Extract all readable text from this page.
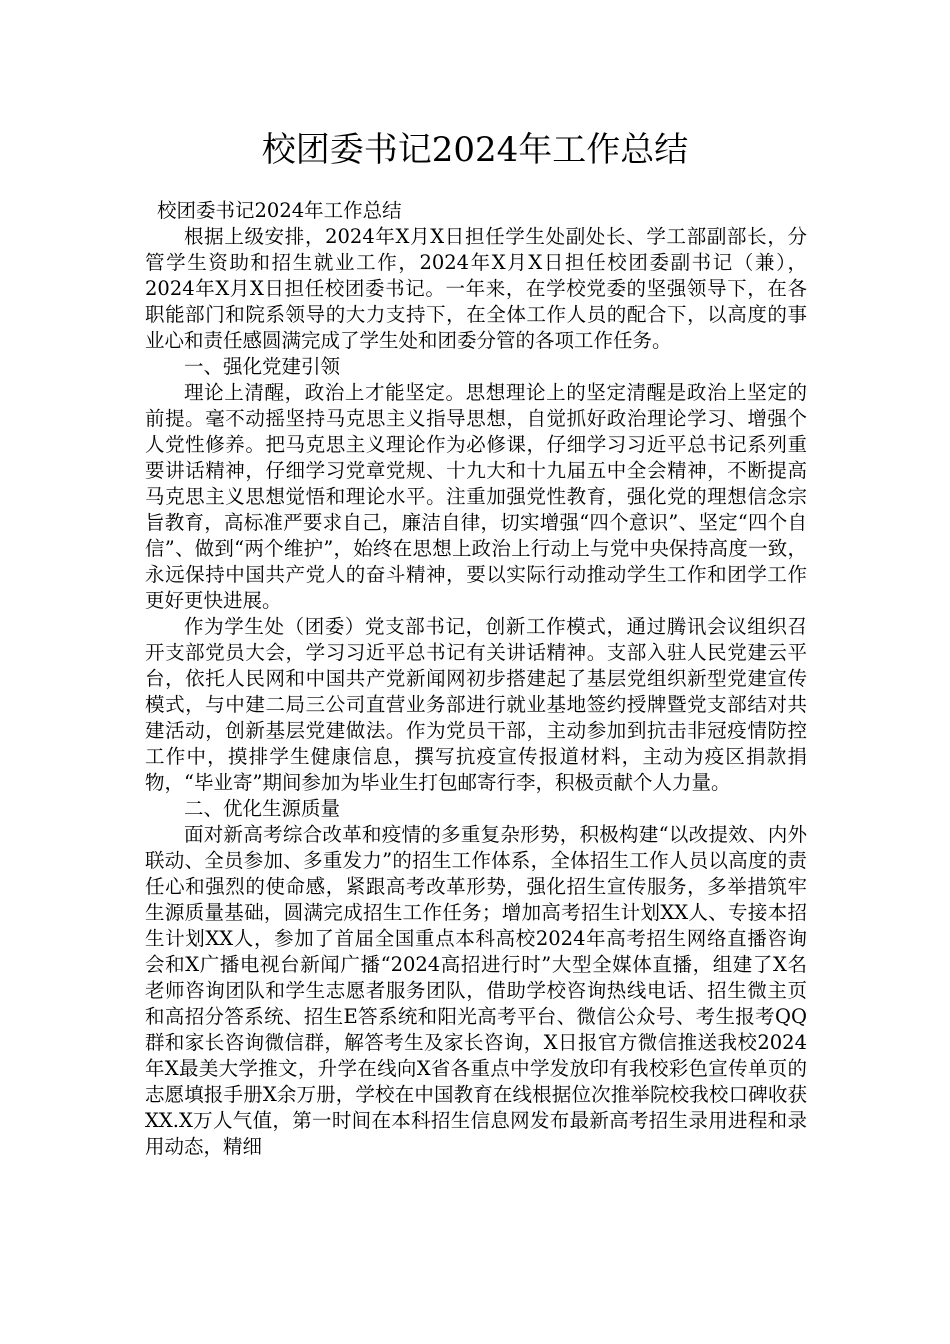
校团委书记2024年工作总结

校团委书记2024年工作总结

根据上级安排，2024年X月X日担任学生处副处长、学工部副部长，分管学生资助和招生就业工作，2024年X月X日担任校团委副书记（兼），2024年X月X日担任校团委书记。一年来，在学校党委的坚强领导下，在各职能部门和院系领导的大力支持下，在全体工作人员的配合下，以高度的事业心和责任感圆满完成了学生处和团委分管的各项工作任务。

一、强化党建引领

理论上清醒，政治上才能坚定。思想理论上的坚定清醒是政治上坚定的前提。毫不动摇坚持马克思主义指导思想，自觉抓好政治理论学习、增强个人党性修养。把马克思主义理论作为必修课，仔细学习习近平总书记系列重要讲话精神，仔细学习党章党规、十九大和十九届五中全会精神，不断提高马克思主义思想觉悟和理论水平。注重加强党性教育，强化党的理想信念宗旨教育，高标准严要求自己，廉洁自律，切实增强“四个意识”、坚定“四个自信”、做到“两个维护”，始终在思想上政治上行动上与党中央保持高度一致，永远保持中国共产党人的奋斗精神，要以实际行动推动学生工作和团学工作更好更快进展。

作为学生处（团委）党支部书记，创新工作模式，通过腾讯会议组织召开支部党员大会，学习习近平总书记有关讲话精神。支部入驻人民党建云平台，依托人民网和中国共产党新闻网初步搭建起了基层党组织新型党建宣传模式，与中建二局三公司直营业务部进行就业基地签约授牌暨党支部结对共建活动，创新基层党建做法。作为党员干部，主动参加到抗击非冠疫情防控工作中，摸排学生健康信息，撰写抗疫宣传报道材料，主动为疫区捐款捐物，“毕业寄”期间参加为毕业生打包邮寄行李，积极贡献个人力量。

二、优化生源质量

面对新高考综合改革和疫情的多重复杂形势，积极构建“以改提效、内外联动、全员参加、多重发力”的招生工作体系，全体招生工作人员以高度的责任心和强烈的使命感，紧跟高考改革形势，强化招生宣传服务，多举措筑牢生源质量基础，圆满完成招生工作任务；增加高考招生计划XX人、专接本招生计划XX人，参加了首届全国重点本科高校2024年高考招生网络直播咨询会和X广播电视台新闻广播“2024高招进行时”大型全媒体直播，组建了X名老师咨询团队和学生志愿者服务团队，借助学校咨询热线电话、招生微主页和高招分答系统、招生E答系统和阳光高考平台、微信公众号、考生报考QQ群和家长咨询微信群，解答考生及家长咨询，X日报官方微信推送我校2024年X最美大学推文，升学在线向X省各重点中学发放印有我校彩色宣传单页的志愿填报手册X余万册，学校在中国教育在线根据位次推举院校我校口碑收获XX.X万人气值，第一时间在本科招生信息网发布最新高考招生录用进程和录用动态，精细
